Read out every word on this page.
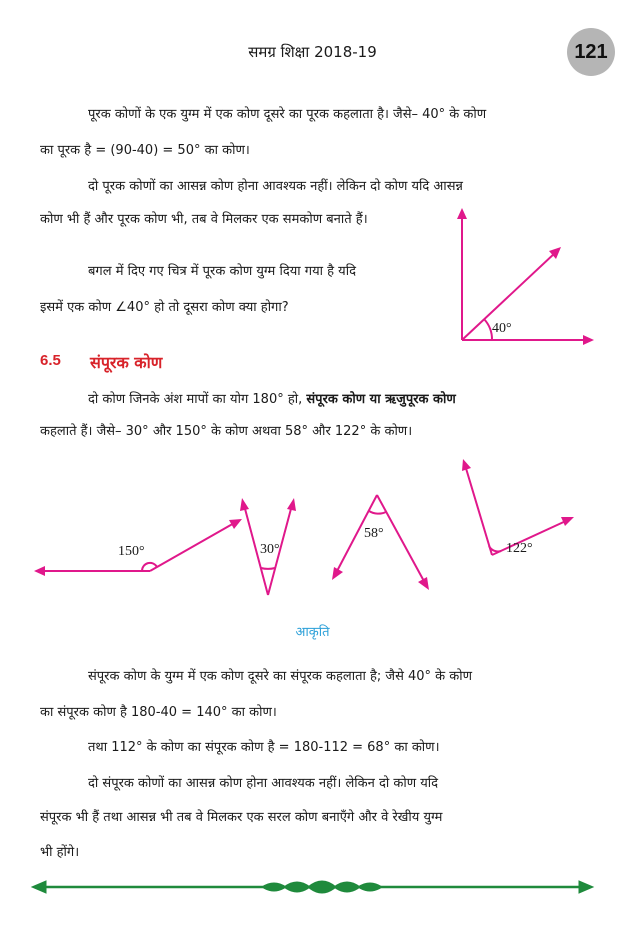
समग्र शिक्षा 2018-19	121
पूरक कोणों के एक युग्म में एक कोण दूसरे का पूरक कहलाता है। जैसे– 40° के कोण
का पूरक है = (90-40) = 50° का कोण।
दो पूरक कोणों का आसन्न कोण होना आवश्यक नहीं। लेकिन दो कोण यदि आसन्न
कोण भी हैं और पूरक कोण भी, तब वे मिलकर एक समकोण बनाते हैं।
बगल में दिए गए चित्र में पूरक कोण युग्म दिया गया है यदि
इसमें एक कोण ∠40° हो तो दूसरा कोण क्या होगा?
40°
6.5 संपूरक कोण
दो कोण जिनके अंश मापों का योग 180° हो, संपूरक कोण या ऋजुपूरक कोण
कहलाते हैं। जैसे– 30° और 150° के कोण अथवा 58° और 122° के कोण।
150°	30°
58°
122°
आकृति
संपूरक कोण के युग्म में एक कोण दूसरे का संपूरक कहलाता है; जैसे 40° के कोण
का संपूरक कोण है 180-40 = 140° का कोण।
तथा 112° के कोण का संपूरक कोण है = 180-112 = 68° का कोण।
दो संपूरक कोणों का आसन्न कोण होना आवश्यक नहीं। लेकिन दो कोण यदि
संपूरक भी हैं तथा आसन्न भी तब वे मिलकर एक सरल कोण बनाएँगे और वे रेखीय युग्म
भी होंगे।
